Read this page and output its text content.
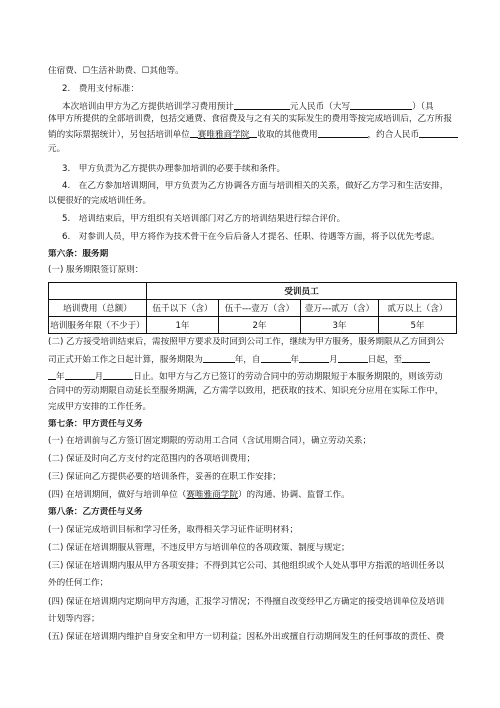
住宿费、☐生活补助费、☐其他等。
2.　费用支付标准：
本次培训由甲方为乙方提供培训学习费用预计	元人民币（大写	）（具
体甲方所提供的全部培训费，包括交通费、食宿费及与之有关的实际发生的费用等按完成培训后，乙方所报
销的实际票据统计），另包括培训单位 赛唯雅商学院 收取的其他费用	，约合人民币
元。
3.　甲方负责为乙方提供办理参加培训的必要手续和条件。
4.　在乙方参加培训期间，甲方负责为乙方协调各方面与培训相关的关系，做好乙方学习和生活安排，
以便很好的完成培训任务。
5.　培训结束后，甲方组织有关培训部门对乙方的培训结果进行综合评价。
6.　对参训人员，甲方将作为技术骨干在今后后备人才提名、任职、待遇等方面，将予以优先考虑。
第六条：服务期
(一) 服务期限签订原则：
	受训员工			
培训费用（总额）	伍千以下（含）	伍千---壹万（含）	壹万---贰万（含）	贰万以上（含）
培训服务年限（不少于）	1年	2年	3年	5年
(二) 乙方接受培训结束后，需按照甲方要求及时回到公司工作，继续为甲方服务，服务期限从乙方回到公
司正式开始工作之日起计算，服务期限为	年，自	年	月	日起，至
年	月	日止。如甲方与乙方已签订的劳动合同中的劳动期限短于本服务期限的，则该劳动
合同中的劳动期限自动延长至服务期满，乙方需学以致用，把获取的技术、知识充分应用在实际工作中，
完成甲方安排的工作任务。
第七条：甲方责任与义务
(一) 在培训前与乙方签订固定期限的劳动用工合同（含试用期合同），确立劳动关系；
(二) 保证及时向乙方支付约定范围内的各项培训费用；
(三) 保证向乙方提供必要的培训条件，妥善的在职工作安排；
(四) 在培训期间，做好与培训单位（赛唯雅商学院）的沟通、协调、监督工作。
第八条：乙方责任与义务
(一) 保证完成培训目标和学习任务，取得相关学习证件证明材料；
(二) 保证在培训期服从管理，不违反甲方与培训单位的各项政策、制度与规定；
(三) 保证在培训期内服从甲方各项安排；不得到其它公司、其他组织或个人处从事甲方指派的培训任务以
外的任何工作；
(四) 保证在培训期内定期向甲方沟通，汇报学习情况；不得擅自改变经甲乙方确定的接受培训单位及培训
计划等内容；
(五) 保证在培训期内维护自身安全和甲方一切利益；因私外出或擅自行动期间发生的任何事故的责任、费
